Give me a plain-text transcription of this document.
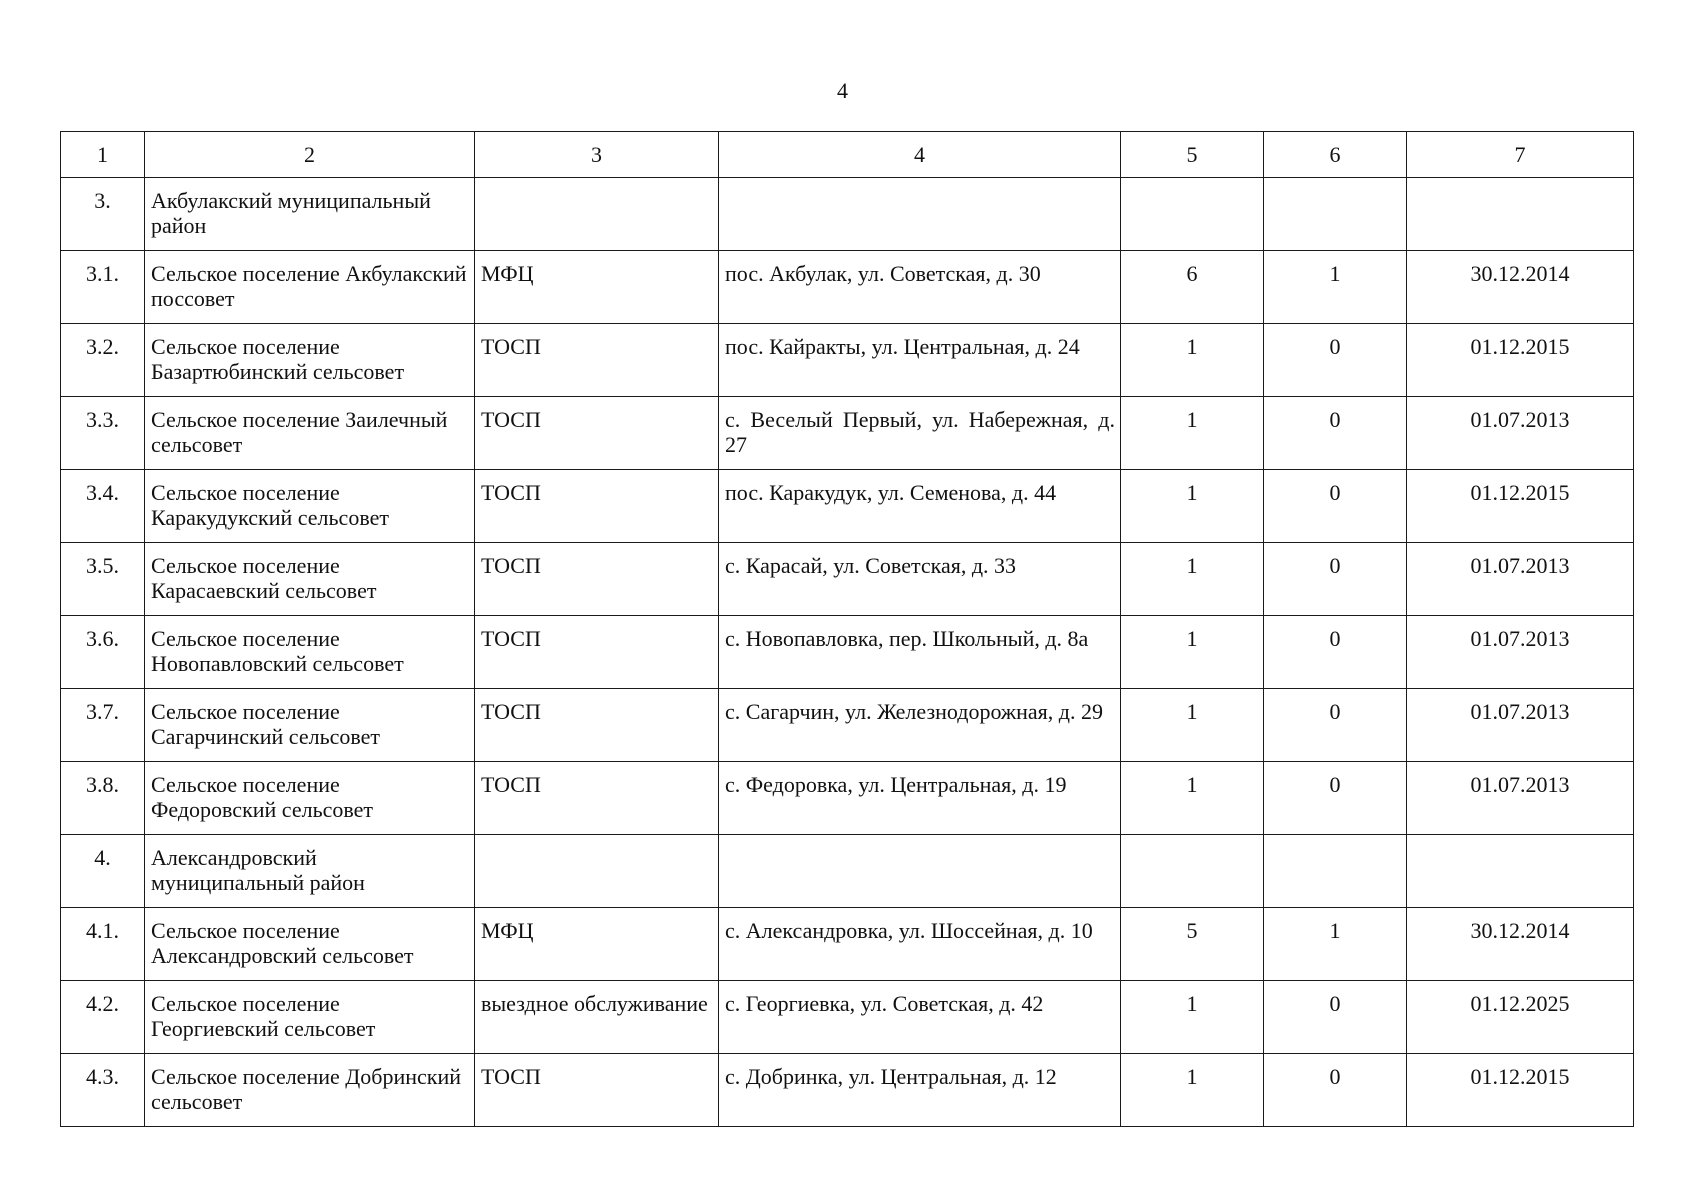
4
1	2	3	4	5	6	7

3.	Акбулакский муниципальный район					

3.1.	Сельское поселение Акбулакский поссовет	МФЦ	пос. Акбулак, ул. Советская, д. 30	6	1	30.12.2014

3.2.	Сельское поселение Базартюбинский сельсовет	ТОСП	пос. Кайракты, ул. Центральная, д. 24	1	0	01.12.2015

3.3.	Сельское поселение Заилечный сельсовет	ТОСП	с. Веселый Первый, ул. Набережная, д. 27	1	0	01.07.2013

3.4.	Сельское поселение Каракудукский сельсовет	ТОСП	пос. Каракудук, ул. Семенова, д. 44	1	0	01.12.2015

3.5.	Сельское поселение Карасаевский сельсовет	ТОСП	с. Карасай, ул. Советская, д. 33	1	0	01.07.2013

3.6.	Сельское поселение Новопавловский сельсовет	ТОСП	с. Новопавловка, пер. Школьный, д. 8а	1	0	01.07.2013

3.7.	Сельское поселение Сагарчинский сельсовет	ТОСП	с. Сагарчин, ул. Железнодорожная, д. 29	1	0	01.07.2013

3.8.	Сельское поселение Федоровский сельсовет	ТОСП	с. Федоровка, ул. Центральная, д. 19	1	0	01.07.2013

4.	Александровский муниципальный район					

4.1.	Сельское поселение Александровский сельсовет	МФЦ	с. Александровка, ул. Шоссейная, д. 10	5	1	30.12.2014

4.2.	Сельское поселение Георгиевский сельсовет	выездное обслуживание	с. Георгиевка, ул. Советская, д. 42	1	0	01.12.2025

4.3.	Сельское поселение Добринский сельсовет	ТОСП	с. Добринка, ул. Центральная, д. 12	1	0	01.12.2015
